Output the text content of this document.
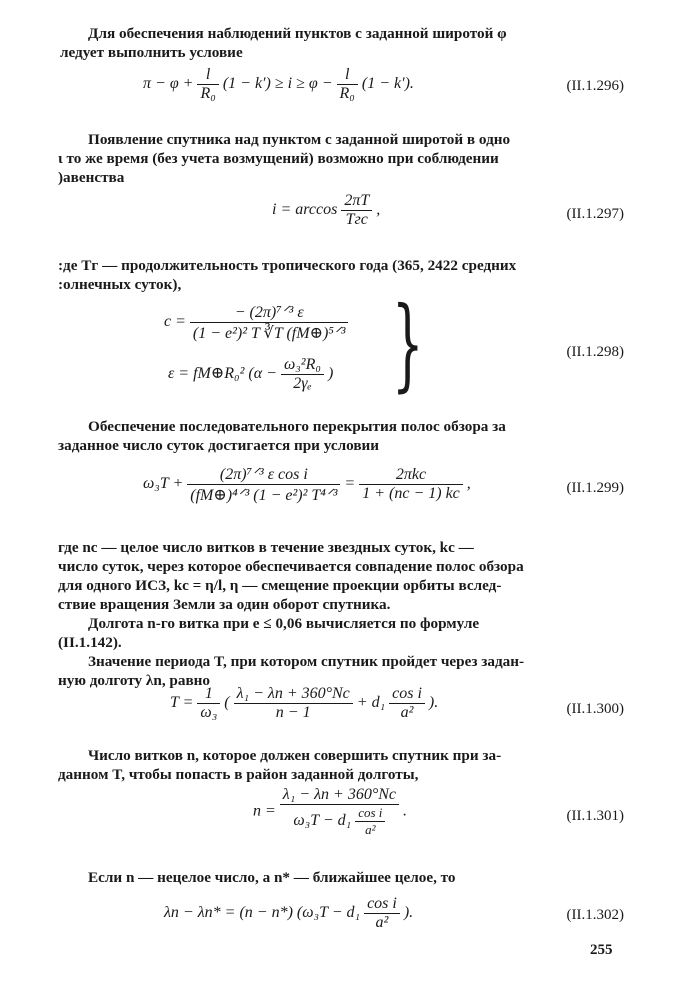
Для обеспечения наблюдений пунктов с заданной широтой φ
ледует выполнить условие

$\pi - \varphi + \frac{l}{\text{R₀}} (1 - k') \ge i \ge \varphi - \frac{l}{\text{R₀}} (1 - k')$.	(II.1.296)

Появление спутника над пунктом с заданной широтой в одно
ι то же время (без учета возмущений) возможно при соблюдении
)авенства

$i = \arccos \frac{2\pi T}{\text{Tгc}}$ ,	(II.1.297)

:де Tг — продолжительность тропического года (365, 2422 средних
:олнечных суток),

$c = \frac{\text{− (2π)⁷ᐟ³ ε}}{\text{(1 − e²)² T ∛T (fM⊕)⁵ᐟ³}}$
ε = fM⊕R₀² ($\alpha - \frac{\text{ω₃²R₀}}{\text{2γₑ}}$ ) }	(II.1.298)

Обеспечение последовательного перекрытия полос обзора за
заданное число суток достигается при условии

$\omega_3T + \frac{\text{(2π)⁷ᐟ³ ε cos i}}{\text{(fM⊕)⁴ᐟ³ (1 − e²)² T⁴ᐟ³}} = \frac{\text{2πkc}}{1 + (nc - 1) kc}$ ,	(II.1.299)

где nc — целое число витков в течение звездных суток, kc —
число суток, через которое обеспечивается совпадение полос обзора
для одного ИСЗ, kc = η/l, η — смещение проекции орбиты вслед-
ствие вращения Земли за один оборот спутника.

Долгота n-го витка при e ≤ 0,06 вычисляется по формуле
(II.1.142).

Значение периода T, при котором спутник пройдет через задан-
ную долготу λn, равно

$T = \frac{1}{\text{ω₃}}$ ( $\frac{\text{λ₁ − λn + 360°Nc}}{n - 1} + d_1 \frac{\text{cos i}}{\text{a²}}$ ).	(II.1.300)

Число витков n, которое должен совершить спутник при за-
данном T, чтобы попасть в район заданной долготы,

$n = \frac{\text{λ₁ − λn + 360°Nc}}{\omega_3T - d_1 \frac{\text{cos i}}{\text{a²}}}$ .	(II.1.301)

Если n — нецелое число, а n* — ближайшее целое, то

λn − λn* = (n − n*) ($\omega_3T - d_1 \frac{\text{cos i}}{\text{a²}}$ ).	(II.1.302)
255
